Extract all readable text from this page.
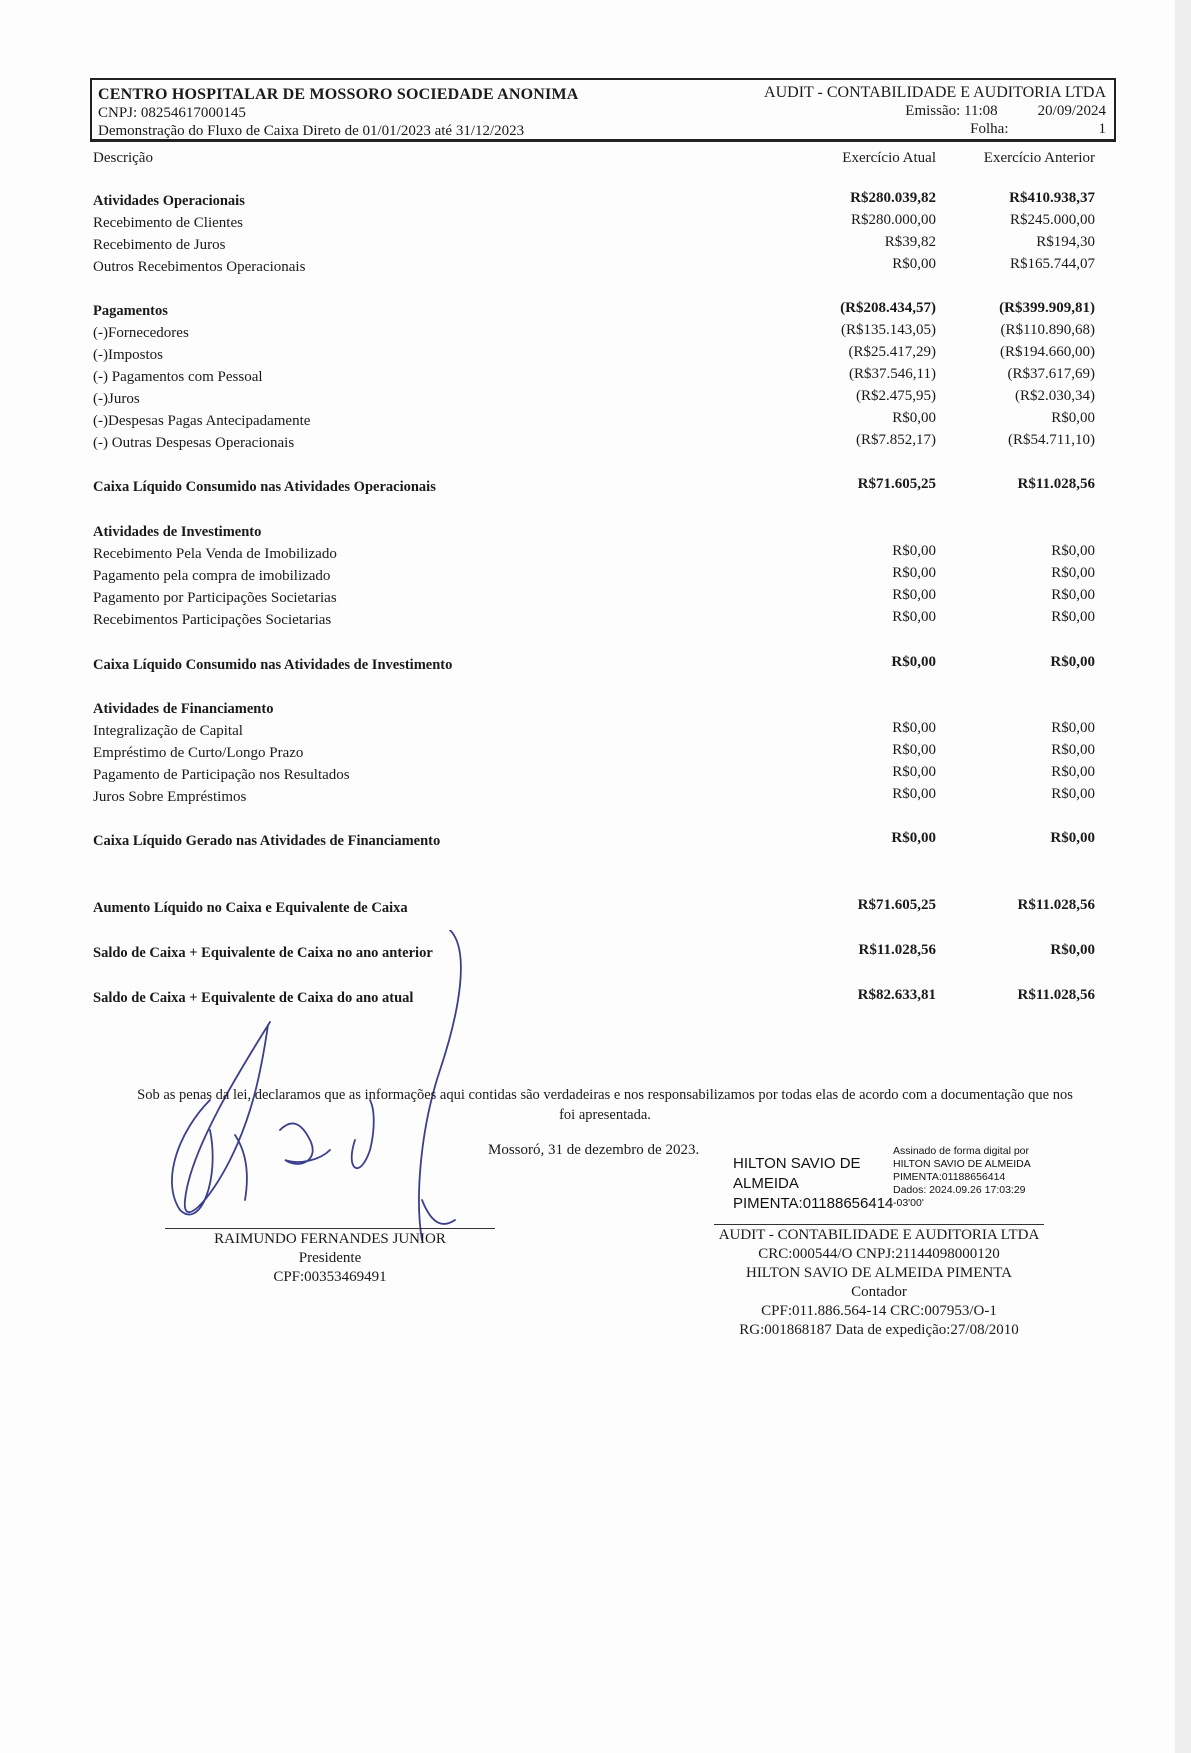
CENTRO HOSPITALAR DE MOSSORO SOCIEDADE ANONIMA
CNPJ: 08254617000145
Demonstração do Fluxo de Caixa Direto de 01/01/2023 até 31/12/2023
AUDIT - CONTABILIDADE E AUDITORIA LTDA
Emissão: 11:08	20/09/2024
Folha:	1
Descrição	Exercício Atual	Exercício Anterior
Atividades Operacionais	R$280.039,82	R$410.938,37
Recebimento de Clientes	R$280.000,00	R$245.000,00
Recebimento de Juros	R$39,82	R$194,30
Outros Recebimentos Operacionais	R$0,00	R$165.744,07
Pagamentos	(R$208.434,57)	(R$399.909,81)
(-)Fornecedores	(R$135.143,05)	(R$110.890,68)
(-)Impostos	(R$25.417,29)	(R$194.660,00)
(-) Pagamentos com Pessoal	(R$37.546,11)	(R$37.617,69)
(-)Juros	(R$2.475,95)	(R$2.030,34)
(-)Despesas Pagas Antecipadamente	R$0,00	R$0,00
(-) Outras Despesas Operacionais	(R$7.852,17)	(R$54.711,10)
Caixa Líquido Consumido nas Atividades Operacionais	R$71.605,25	R$11.028,56
Atividades de Investimento
Recebimento Pela Venda de Imobilizado	R$0,00	R$0,00
Pagamento pela compra de imobilizado	R$0,00	R$0,00
Pagamento por Participações Societarias	R$0,00	R$0,00
Recebimentos Participações Societarias	R$0,00	R$0,00
Caixa Líquido Consumido nas Atividades de Investimento	R$0,00	R$0,00
Atividades de Financiamento
Integralização de Capital	R$0,00	R$0,00
Empréstimo de Curto/Longo Prazo	R$0,00	R$0,00
Pagamento de Participação nos Resultados	R$0,00	R$0,00
Juros Sobre Empréstimos	R$0,00	R$0,00
Caixa Líquido Gerado nas Atividades de Financiamento	R$0,00	R$0,00
Aumento Líquido no Caixa e Equivalente de Caixa	R$71.605,25	R$11.028,56
Saldo de Caixa + Equivalente de Caixa no ano anterior	R$11.028,56	R$0,00
Saldo de Caixa + Equivalente de Caixa do ano atual	R$82.633,81	R$11.028,56
Sob as penas da lei, declaramos que as informações aqui contidas são verdadeiras e nos responsabilizamos por todas elas de acordo com a documentação que nos
foi apresentada.
Mossoró, 31 de dezembro de 2023.
RAIMUNDO FERNANDES JUNIOR
Presidente
CPF:00353469491
HILTON SAVIO DE
ALMEIDA
PIMENTA:01188656414
Assinado de forma digital por
HILTON SAVIO DE ALMEIDA
PIMENTA:01188656414
Dados: 2024.09.26 17:03:29
-03'00'
AUDIT - CONTABILIDADE E AUDITORIA LTDA
CRC:000544/O CNPJ:21144098000120
HILTON SAVIO DE ALMEIDA PIMENTA
Contador
CPF:011.886.564-14 CRC:007953/O-1
RG:001868187 Data de expedição:27/08/2010
